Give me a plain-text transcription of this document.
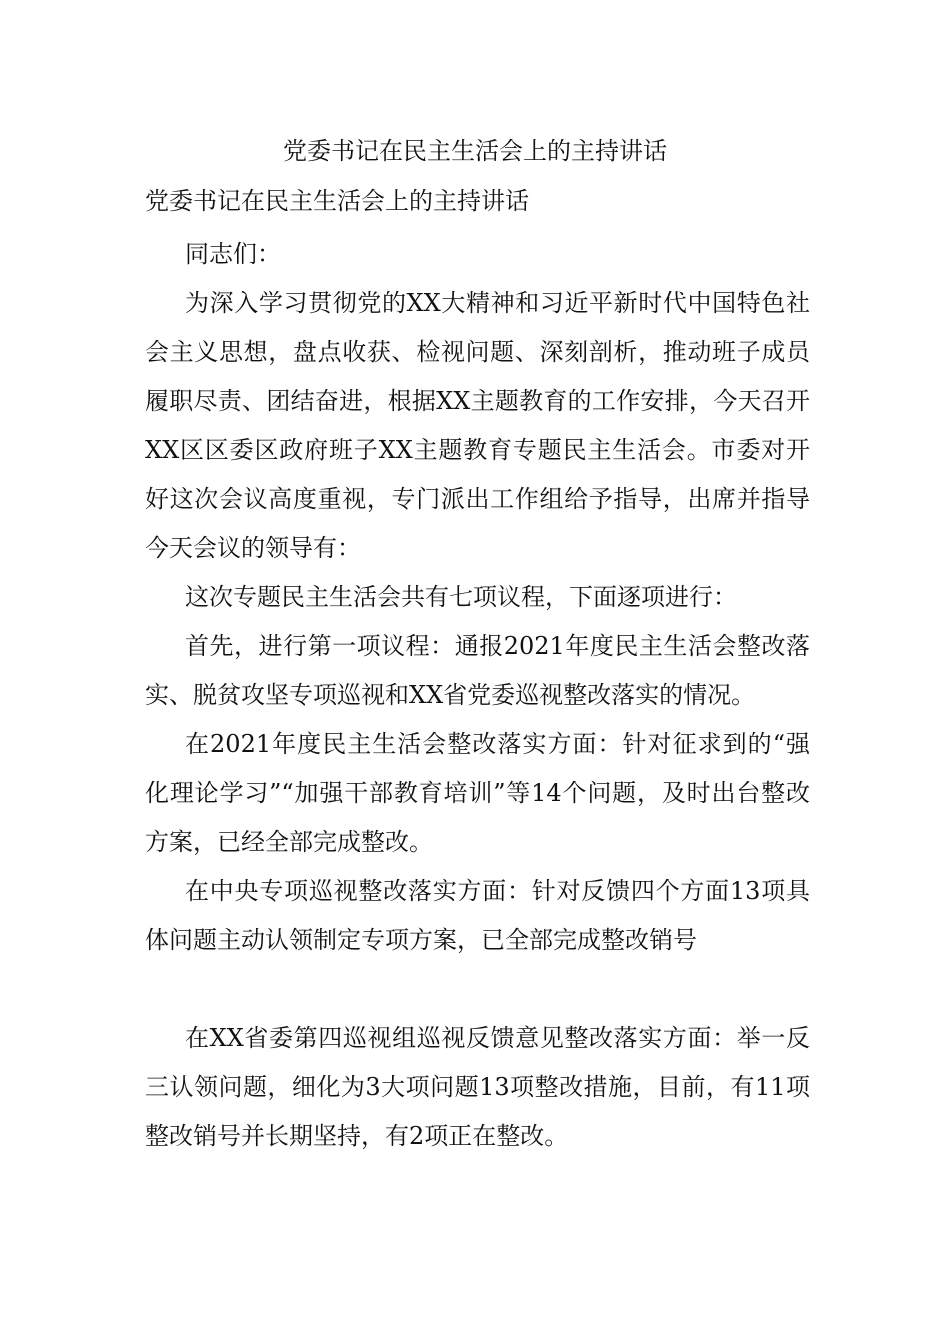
党委书记在民主生活会上的主持讲话
党委书记在民主生活会上的主持讲话

同志们：

为深入学习贯彻党的XX大精神和习近平新时代中国特色社会主义思想，盘点收获、检视问题、深刻剖析，推动班子成员履职尽责、团结奋进，根据XX主题教育的工作安排，今天召开XX区区委区政府班子XX主题教育专题民主生活会。市委对开好这次会议高度重视，专门派出工作组给予指导，出席并指导今天会议的领导有：

这次专题民主生活会共有七项议程，下面逐项进行：

首先，进行第一项议程：通报2021年度民主生活会整改落实、脱贫攻坚专项巡视和XX省党委巡视整改落实的情况。

在2021年度民主生活会整改落实方面：针对征求到的“强化理论学习”“加强干部教育培训”等14个问题，及时出台整改方案，已经全部完成整改。

在中央专项巡视整改落实方面：针对反馈四个方面13项具体问题主动认领制定专项方案，已全部完成整改销号

在XX省委第四巡视组巡视反馈意见整改落实方面：举一反三认领问题，细化为3大项问题13项整改措施，目前，有11项整改销号并长期坚持，有2项正在整改。
